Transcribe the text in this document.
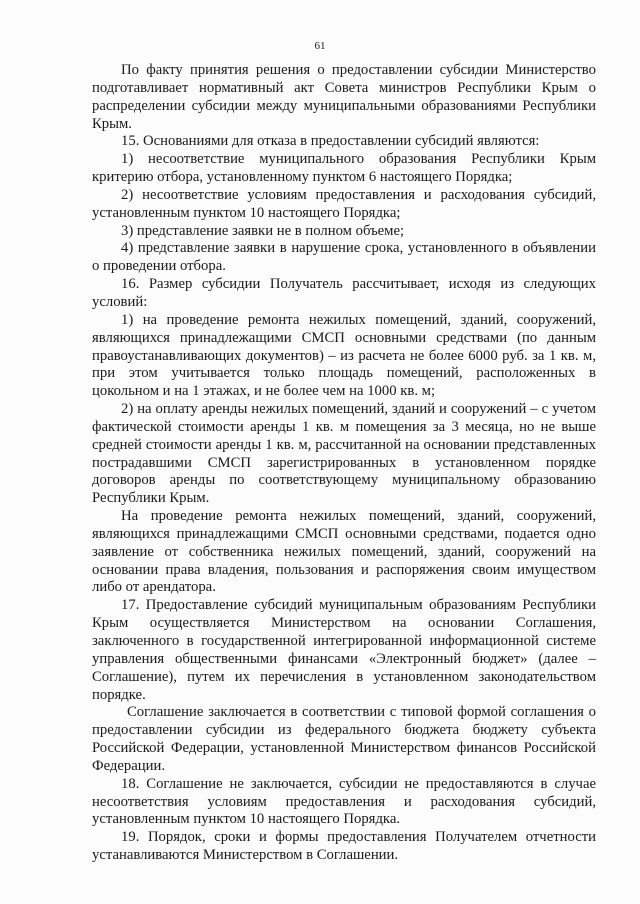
61

По факту принятия решения о предоставлении субсидии Министерство подготавливает нормативный акт Совета министров Республики Крым о распределении субсидии между муниципальными образованиями Республики Крым.

15. Основаниями для отказа в предоставлении субсидий являются:

1) несоответствие муниципального образования Республики Крым критерию отбора, установленному пунктом 6 настоящего Порядка;

2) несоответствие условиям предоставления и расходования субсидий, установленным пунктом 10 настоящего Порядка;

3) представление заявки не в полном объеме;

4) представление заявки в нарушение срока, установленного в объявлении о проведении отбора.

16. Размер субсидии Получатель рассчитывает, исходя из следующих условий:

1) на проведение ремонта нежилых помещений, зданий, сооружений, являющихся принадлежащими СМСП основными средствами (по данным правоустанавливающих документов) – из расчета не более 6000 руб. за 1 кв. м, при этом учитывается только площадь помещений, расположенных в цокольном и на 1 этажах, и не более чем на 1000 кв. м;

2) на оплату аренды нежилых помещений, зданий и сооружений – с учетом фактической стоимости аренды 1 кв. м помещения за 3 месяца, но не выше средней стоимости аренды 1 кв. м, рассчитанной на основании представленных пострадавшими СМСП зарегистрированных в установленном порядке договоров аренды по соответствующему муниципальному образованию Республики Крым.

На проведение ремонта нежилых помещений, зданий, сооружений, являющихся принадлежащими СМСП основными средствами, подается одно заявление от собственника нежилых помещений, зданий, сооружений на основании права владения, пользования и распоряжения своим имуществом либо от арендатора.

17. Предоставление субсидий муниципальным образованиям Республики Крым осуществляется Министерством на основании Соглашения, заключенного в государственной интегрированной информационной системе управления общественными финансами «Электронный бюджет» (далее – Соглашение), путем их перечисления в установленном законодательством порядке.

Соглашение заключается в соответствии с типовой формой соглашения о предоставлении субсидии из федерального бюджета бюджету субъекта Российской Федерации, установленной Министерством финансов Российской Федерации.

18. Соглашение не заключается, субсидии не предоставляются в случае несоответствия условиям предоставления и расходования субсидий, установленным пунктом 10 настоящего Порядка.

19. Порядок, сроки и формы предоставления Получателем отчетности устанавливаются Министерством в Соглашении.
